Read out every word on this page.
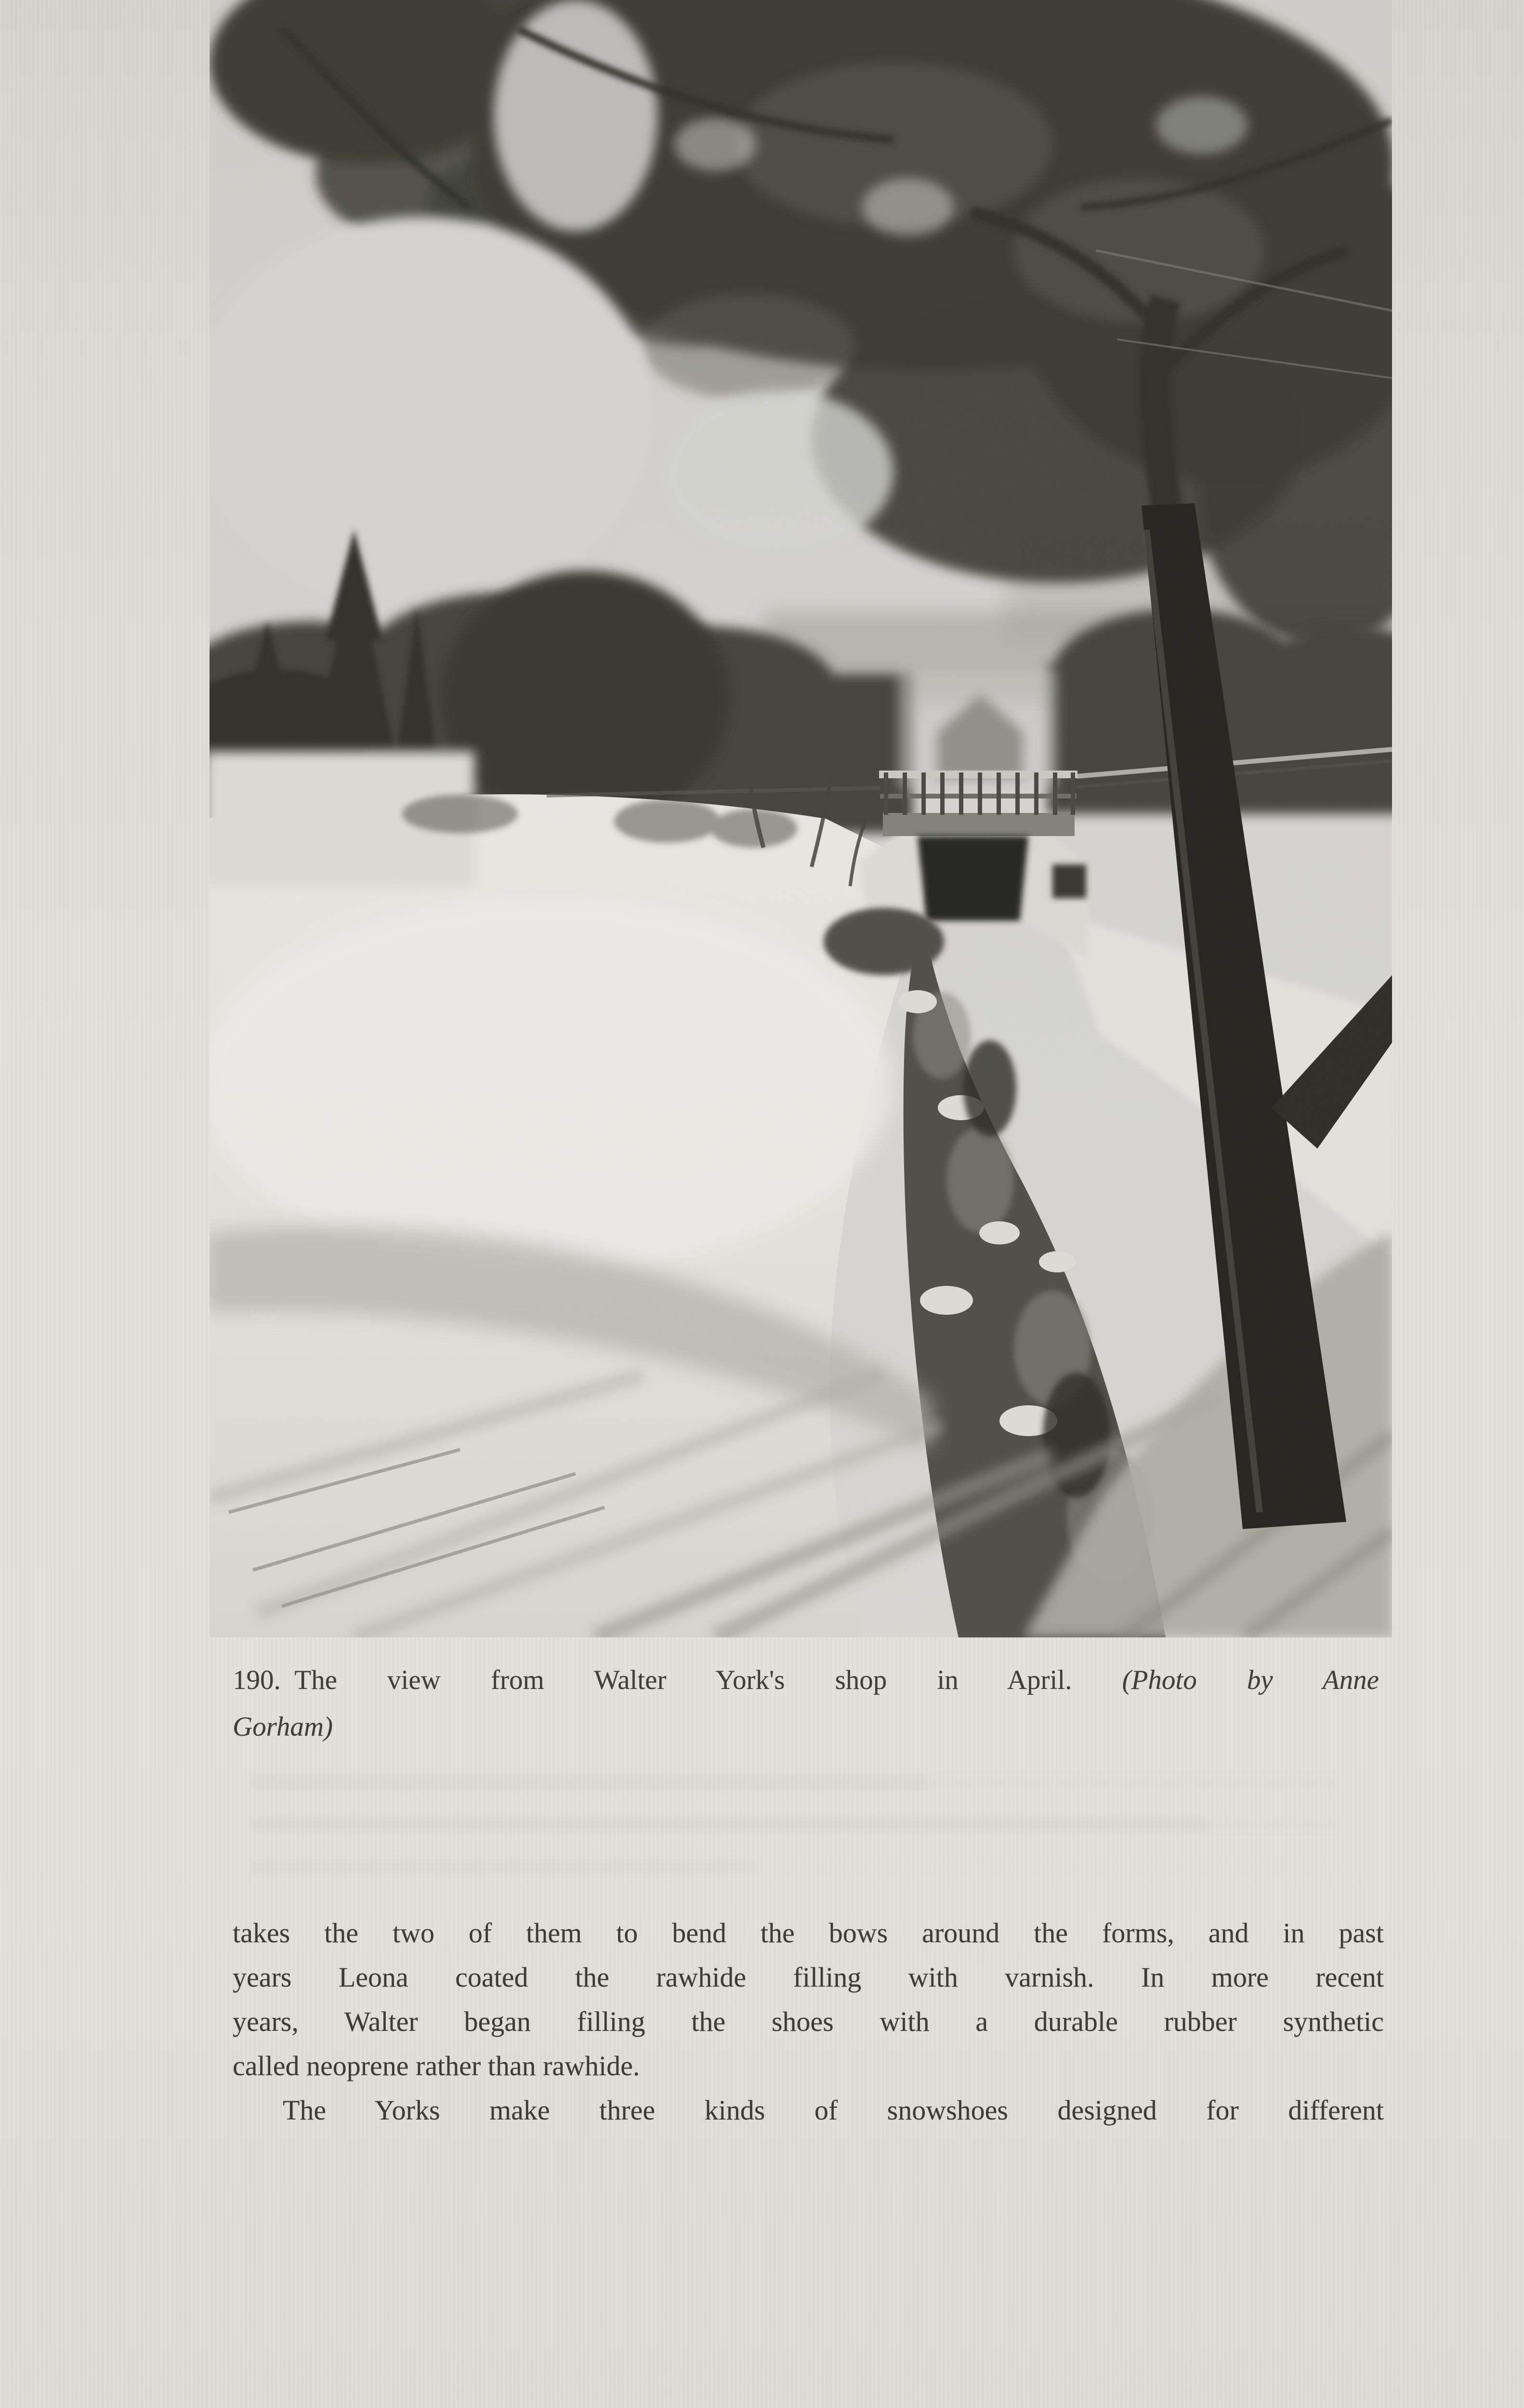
190. The view from Walter York's shop in April. (Photo by Anne
Gorham)
takes the two of them to bend the bows around the forms, and in past
years Leona coated the rawhide filling with varnish. In more recent
years, Walter began filling the shoes with a durable rubber synthetic
called neoprene rather than rawhide.
The Yorks make three kinds of snowshoes designed for different
